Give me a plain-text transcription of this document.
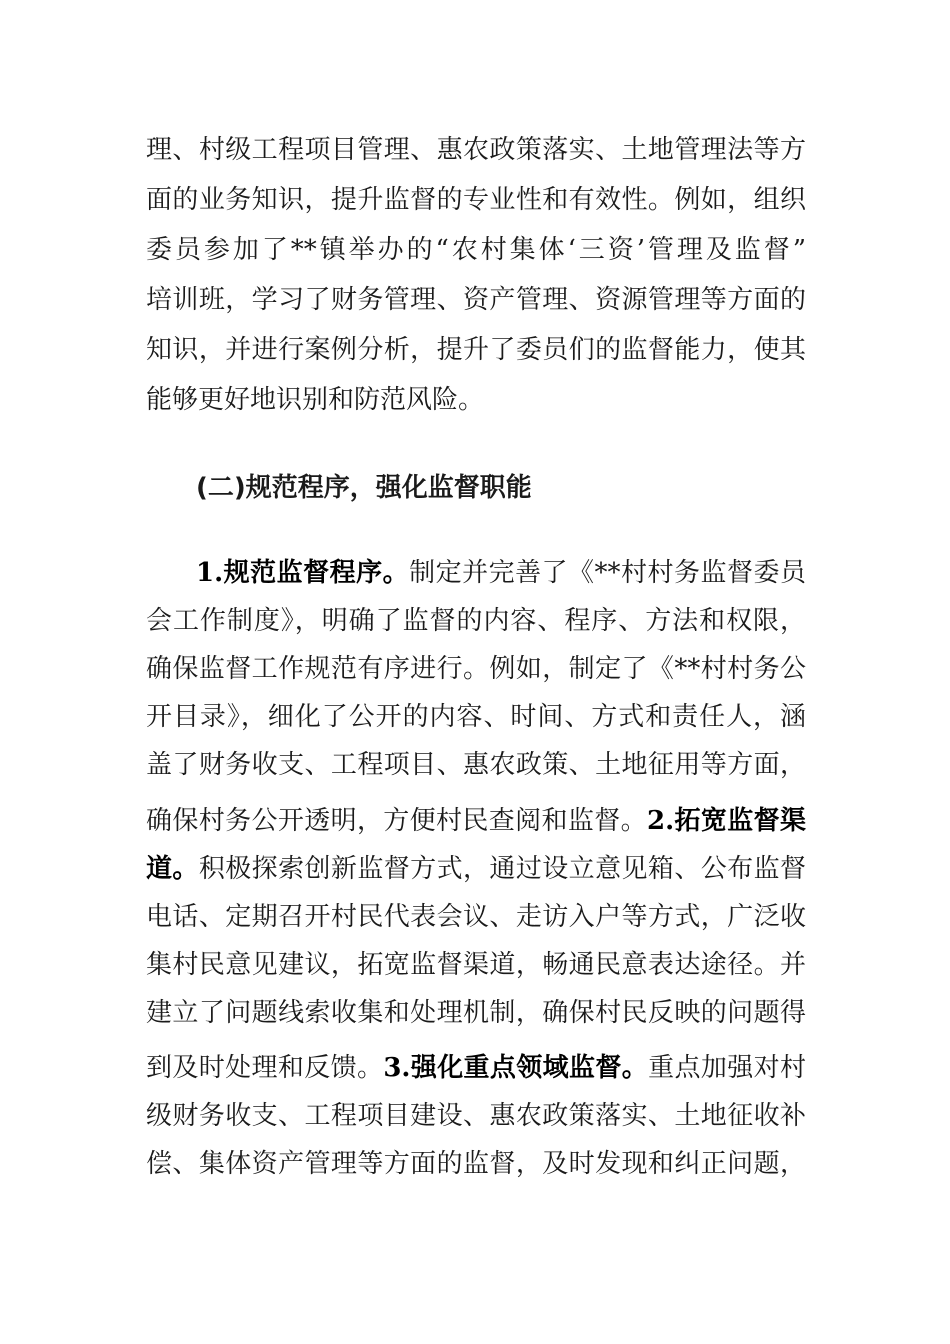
理、村级工程项目管理、惠农政策落实、土地管理法等方
面的业务知识，提升监督的专业性和有效性。例如，组织
委员参加了**镇举办的“农村集体‘三资’管理及监督”
培训班，学习了财务管理、资产管理、资源管理等方面的
知识，并进行案例分析，提升了委员们的监督能力，使其
能够更好地识别和防范风险。
(二)规范程序，强化监督职能
1.规范监督程序。制定并完善了《**村村务监督委员
会工作制度》，明确了监督的内容、程序、方法和权限，
确保监督工作规范有序进行。例如，制定了《**村村务公
开目录》，细化了公开的内容、时间、方式和责任人，涵
盖了财务收支、工程项目、惠农政策、土地征用等方面，
确保村务公开透明，方便村民查阅和监督。2.拓宽监督渠
道。积极探索创新监督方式，通过设立意见箱、公布监督
电话、定期召开村民代表会议、走访入户等方式，广泛收
集村民意见建议，拓宽监督渠道，畅通民意表达途径。并
建立了问题线索收集和处理机制，确保村民反映的问题得
到及时处理和反馈。3.强化重点领域监督。重点加强对村
级财务收支、工程项目建设、惠农政策落实、土地征收补
偿、集体资产管理等方面的监督，及时发现和纠正问题，
